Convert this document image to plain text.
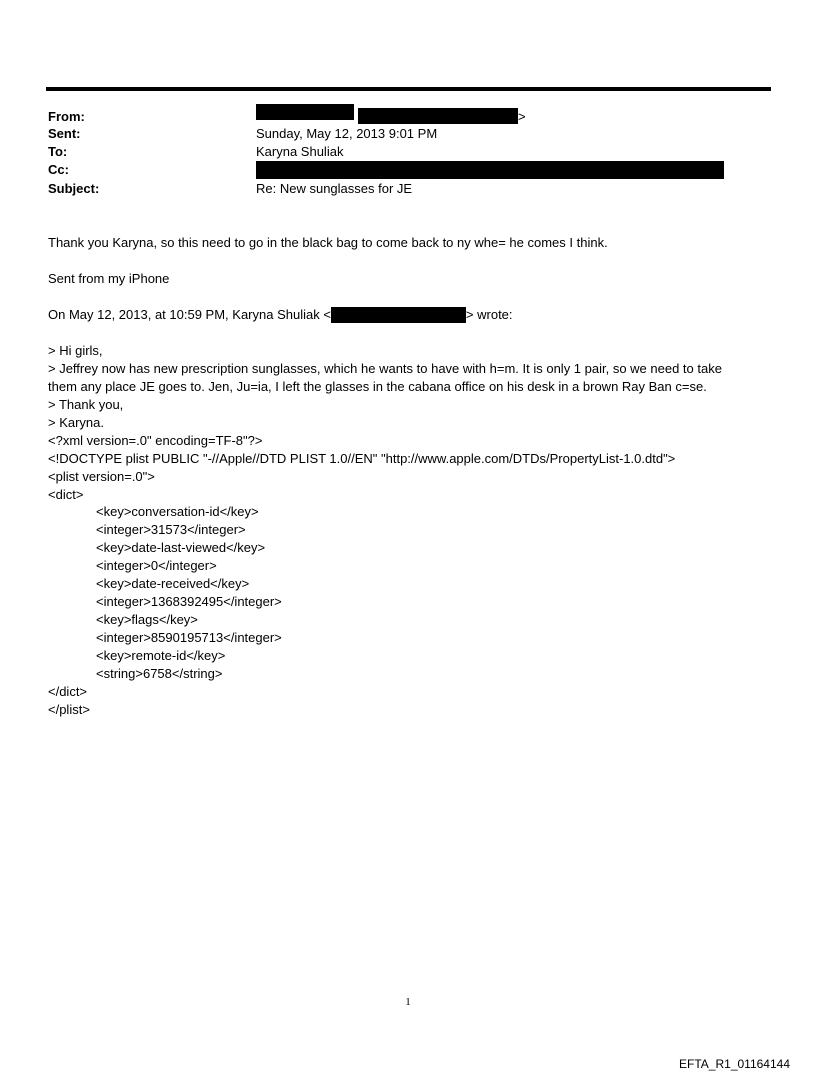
From:	>
Sent:	Sunday, May 12, 2013 9:01 PM
To:	Karyna Shuliak
Cc:
Subject:	Re: New sunglasses for JE
Thank you Karyna, so this need to go in the black bag to come back to ny whe= he comes I think.
Sent from my iPhone
On May 12, 2013, at 10:59 PM, Karyna Shuliak <	> wrote:
> Hi girls,
> Jeffrey now has new prescription sunglasses, which he wants to have with h=m. It is only 1 pair, so we need to take
them any place JE goes to. Jen, Ju=ia, I left the glasses in the cabana office on his desk in a brown Ray Ban c=se.
> Thank you,
> Karyna.
<?xml version=.0" encoding=TF-8"?>
<!DOCTYPE plist PUBLIC "-//Apple//DTD PLIST 1.0//EN" "http://www.apple.com/DTDs/PropertyList-1.0.dtd">
<plist version=.0">
<dict>
<key>conversation-id</key>
<integer>31573</integer>
<key>date-last-viewed</key>
<integer>0</integer>
<key>date-received</key>
<integer>1368392495</integer>
<key>flags</key>
<integer>8590195713</integer>
<key>remote-id</key>
<string>6758</string>
</dict>
</plist>
1
EFTA_R1_01164144
